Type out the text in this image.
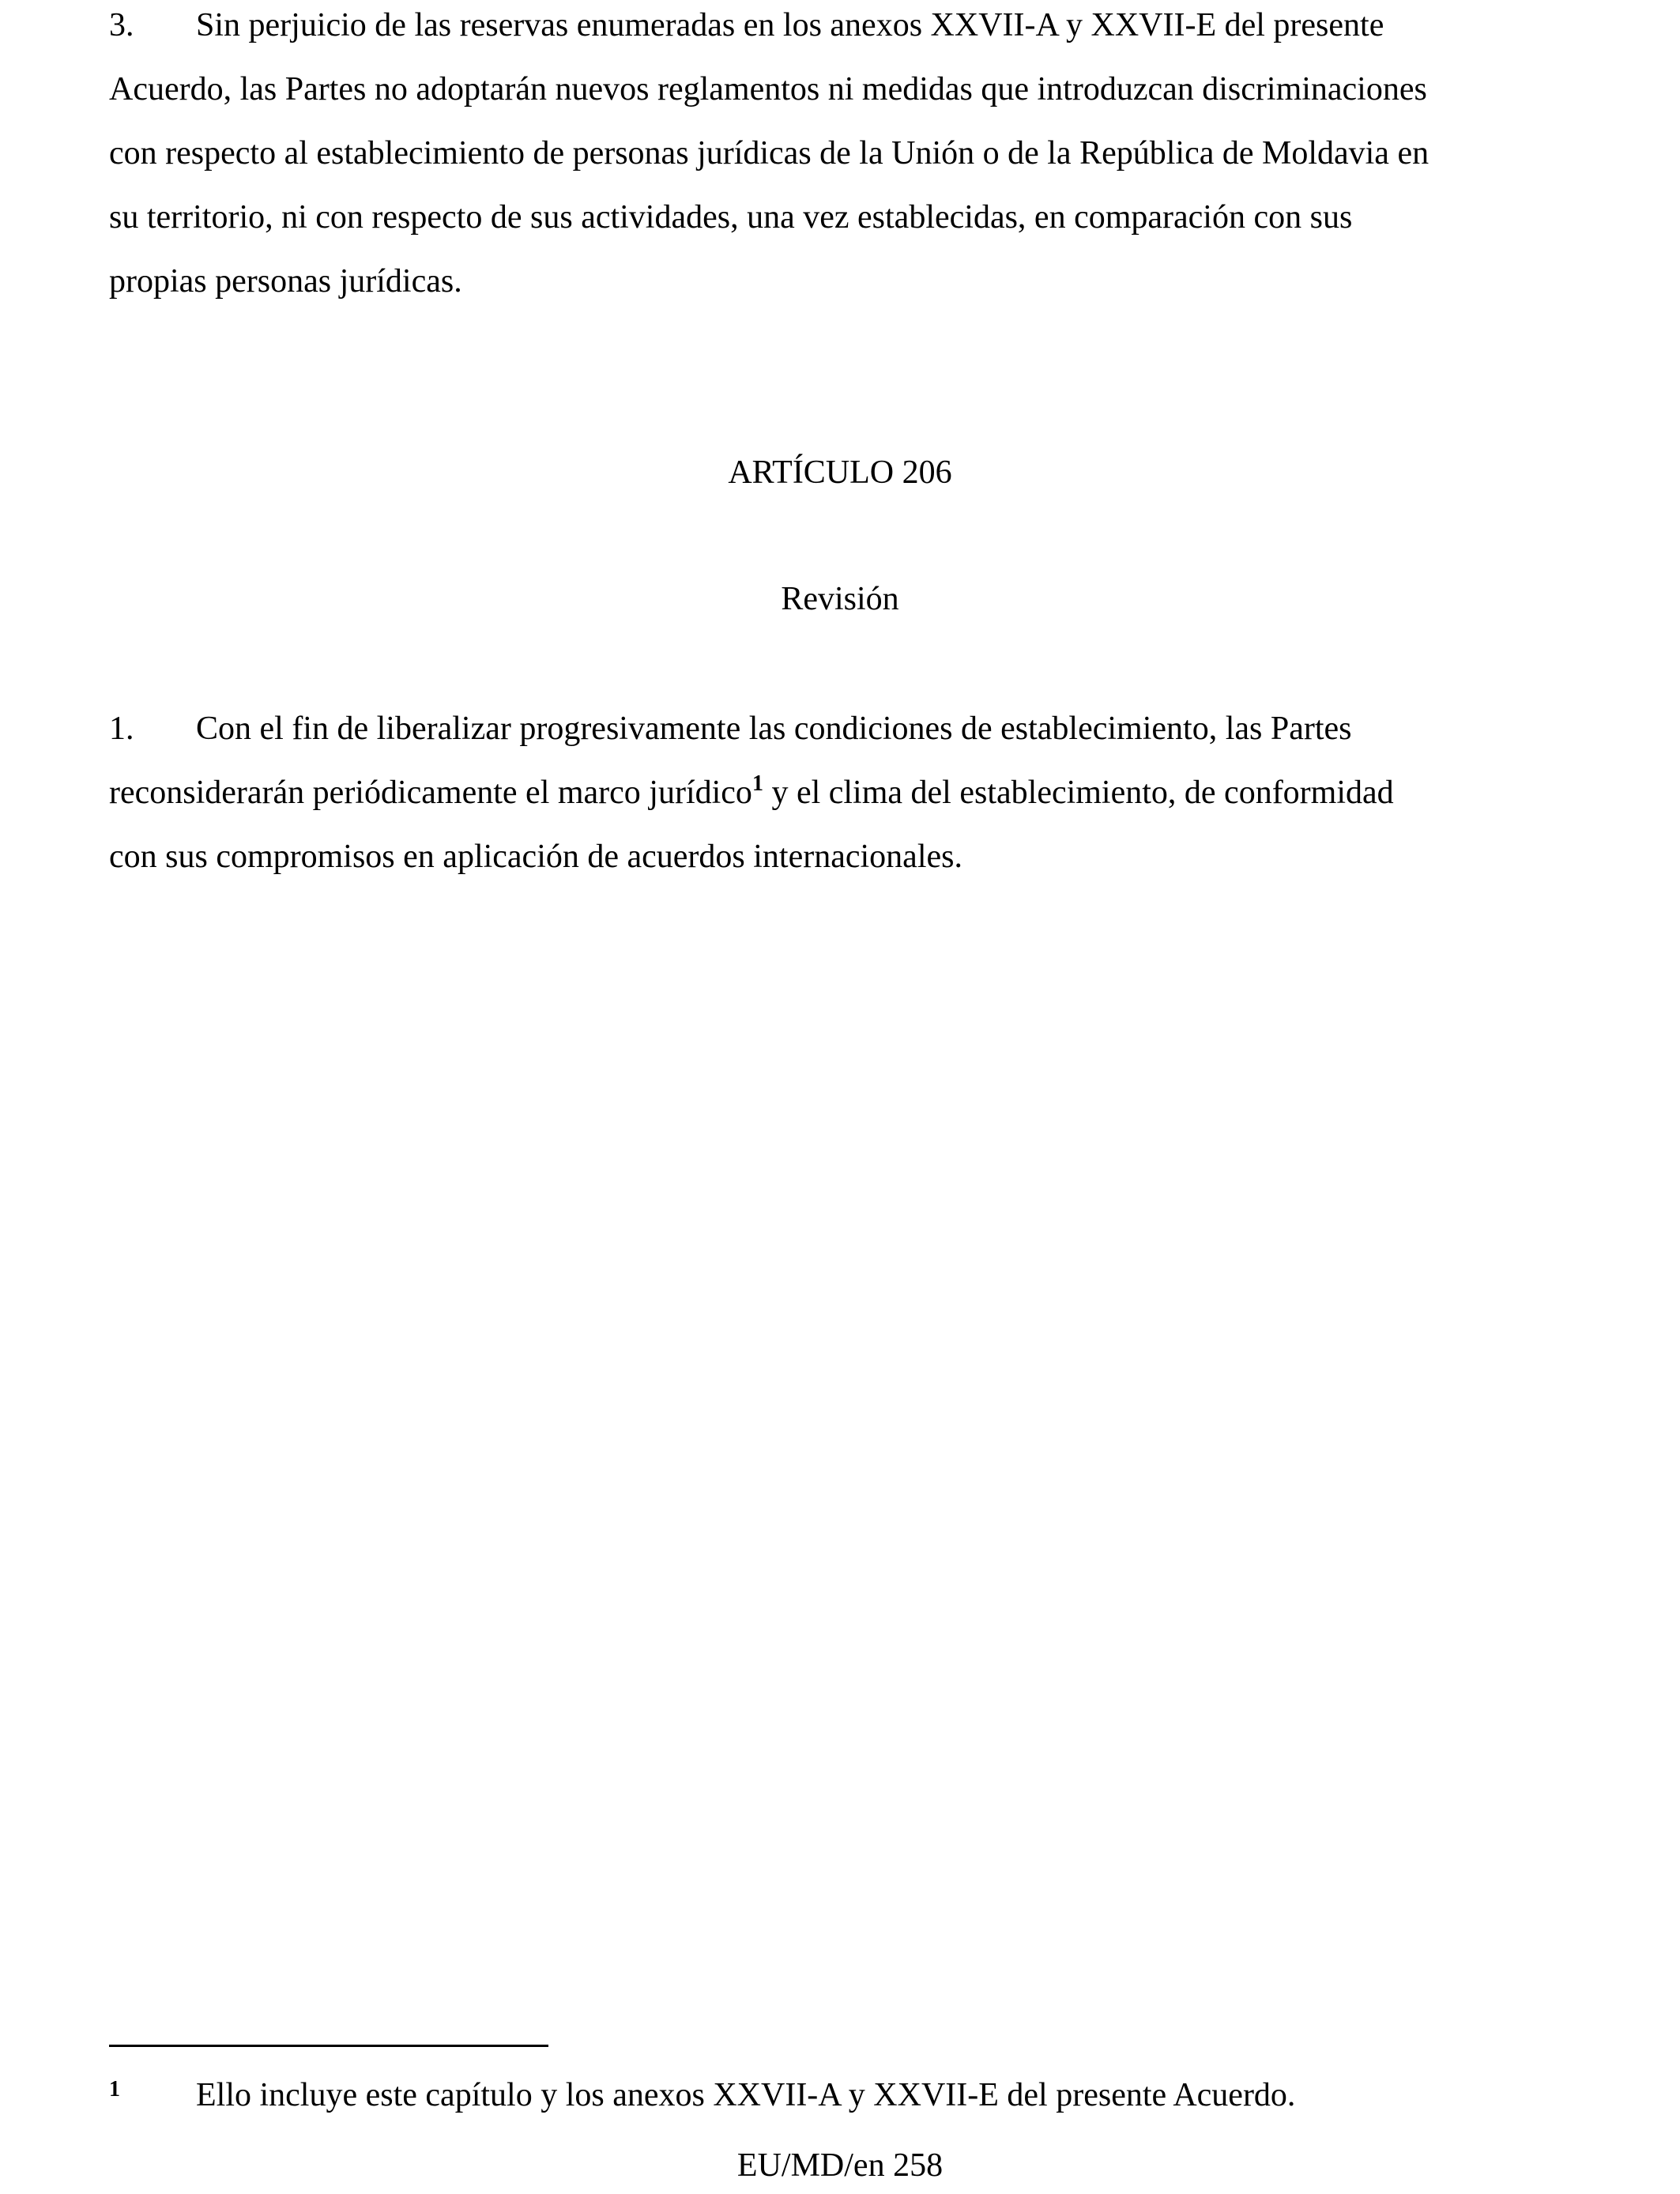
3. Sin perjuicio de las reservas enumeradas en los anexos XXVII-A y XXVII-E del presente
Acuerdo, las Partes no adoptarán nuevos reglamentos ni medidas que introduzcan discriminaciones
con respecto al establecimiento de personas jurídicas de la Unión o de la República de Moldavia en
su territorio, ni con respecto de sus actividades, una vez establecidas, en comparación con sus
propias personas jurídicas.
ARTÍCULO 206
Revisión
1. Con el fin de liberalizar progresivamente las condiciones de establecimiento, las Partes
reconsiderarán periódicamente el marco jurídico$^1$ y el clima del establecimiento, de conformidad
con sus compromisos en aplicación de acuerdos internacionales.
1 Ello incluye este capítulo y los anexos XXVII-A y XXVII-E del presente Acuerdo.
EU/MD/en 258
